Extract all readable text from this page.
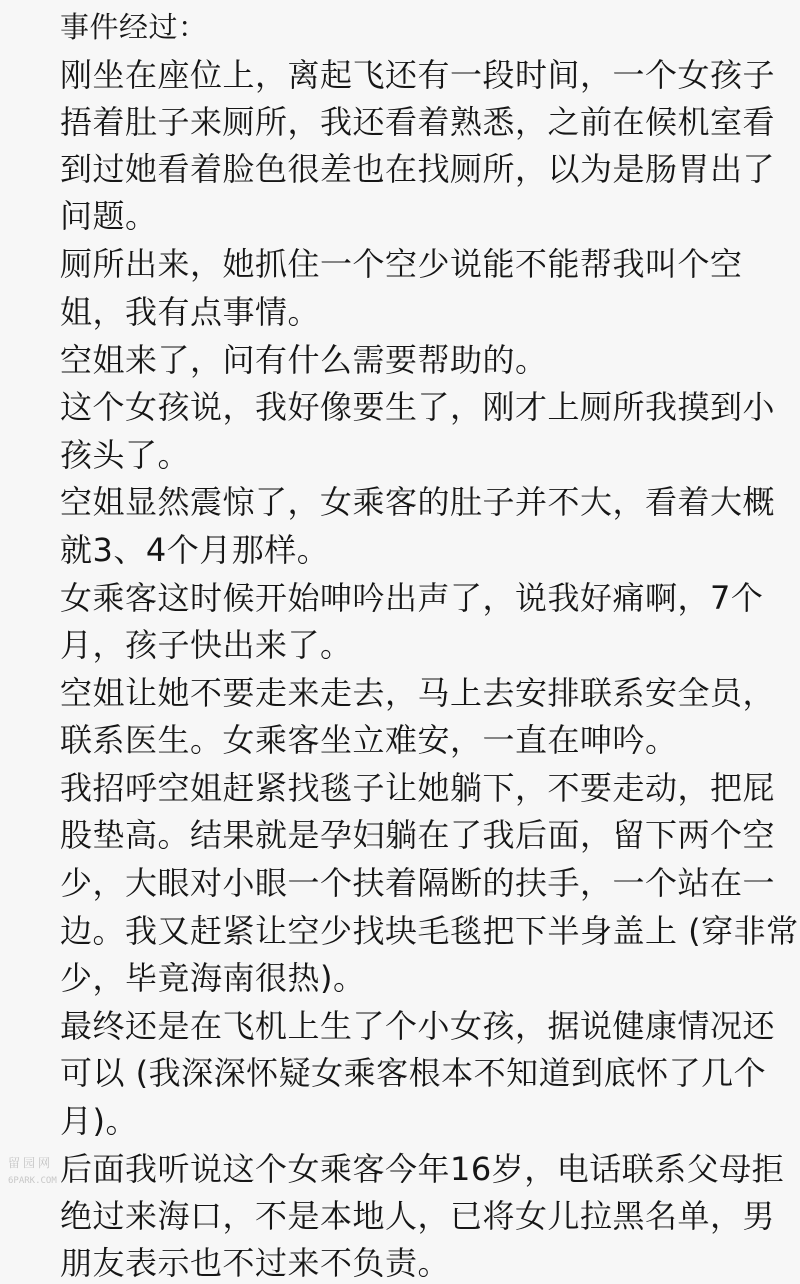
事件经过：
刚坐在座位上，离起飞还有一段时间，一个女孩子
捂着肚子来厕所，我还看着熟悉，之前在候机室看
到过她看着脸色很差也在找厕所，以为是肠胃出了
问题。
厕所出来，她抓住一个空少说能不能帮我叫个空
姐，我有点事情。
空姐来了，问有什么需要帮助的。
这个女孩说，我好像要生了，刚才上厕所我摸到小
孩头了。
空姐显然震惊了，女乘客的肚子并不大，看着大概
就3、4个月那样。
女乘客这时候开始呻吟出声了，说我好痛啊，7个
月，孩子快出来了。
空姐让她不要走来走去，马上去安排联系安全员，
联系医生。女乘客坐立难安，一直在呻吟。
我招呼空姐赶紧找毯子让她躺下，不要走动，把屁
股垫高。结果就是孕妇躺在了我后面，留下两个空
少，大眼对小眼一个扶着隔断的扶手，一个站在一
边。我又赶紧让空少找块毛毯把下半身盖上 (穿非常
少，毕竟海南很热)。
最终还是在飞机上生了个小女孩，据说健康情况还
可以 (我深深怀疑女乘客根本不知道到底怀了几个
月)。
后面我听说这个女乘客今年16岁，电话联系父母拒
绝过来海口，不是本地人，已将女儿拉黑名单，男
朋友表示也不过来不负责。
留园网
6PARK.COM
